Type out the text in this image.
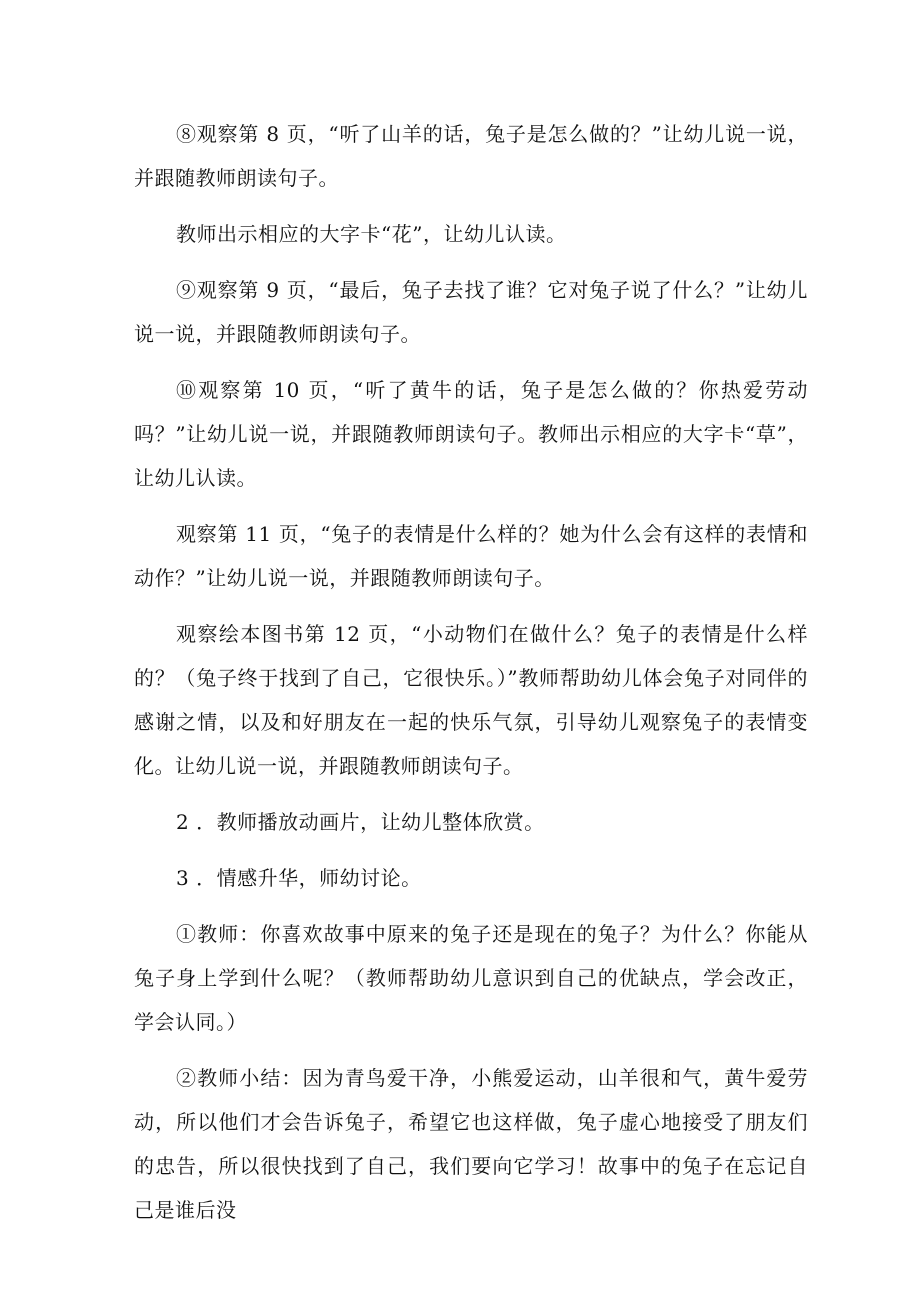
⑧观察第 8 页，“听了山羊的话，兔子是怎么做的？”让幼儿说一说，并跟随教师朗读句子。

教师出示相应的大字卡“花”，让幼儿认读。

⑨观察第 9 页，“最后，兔子去找了谁？它对兔子说了什么？”让幼儿说一说，并跟随教师朗读句子。

⑩观察第 10 页，“听了黄牛的话，兔子是怎么做的？你热爱劳动吗？”让幼儿说一说，并跟随教师朗读句子。教师出示相应的大字卡“草”，让幼儿认读。

观察第 11 页，“兔子的表情是什么样的？她为什么会有这样的表情和动作？”让幼儿说一说，并跟随教师朗读句子。

观察绘本图书第 12 页，“小动物们在做什么？兔子的表情是什么样的？（兔子终于找到了自己，它很快乐。）”教师帮助幼儿体会兔子对同伴的感谢之情，以及和好朋友在一起的快乐气氛，引导幼儿观察兔子的表情变化。让幼儿说一说，并跟随教师朗读句子。

2 ．教师播放动画片，让幼儿整体欣赏。

3 ．情感升华，师幼讨论。

①教师：你喜欢故事中原来的兔子还是现在的兔子？为什么？你能从兔子身上学到什么呢？（教师帮助幼儿意识到自己的优缺点，学会改正，学会认同。）

②教师小结：因为青鸟爱干净，小熊爱运动，山羊很和气，黄牛爱劳动，所以他们才会告诉兔子，希望它也这样做，兔子虚心地接受了朋友们的忠告，所以很快找到了自己，我们要向它学习！故事中的兔子在忘记自己是谁后没
